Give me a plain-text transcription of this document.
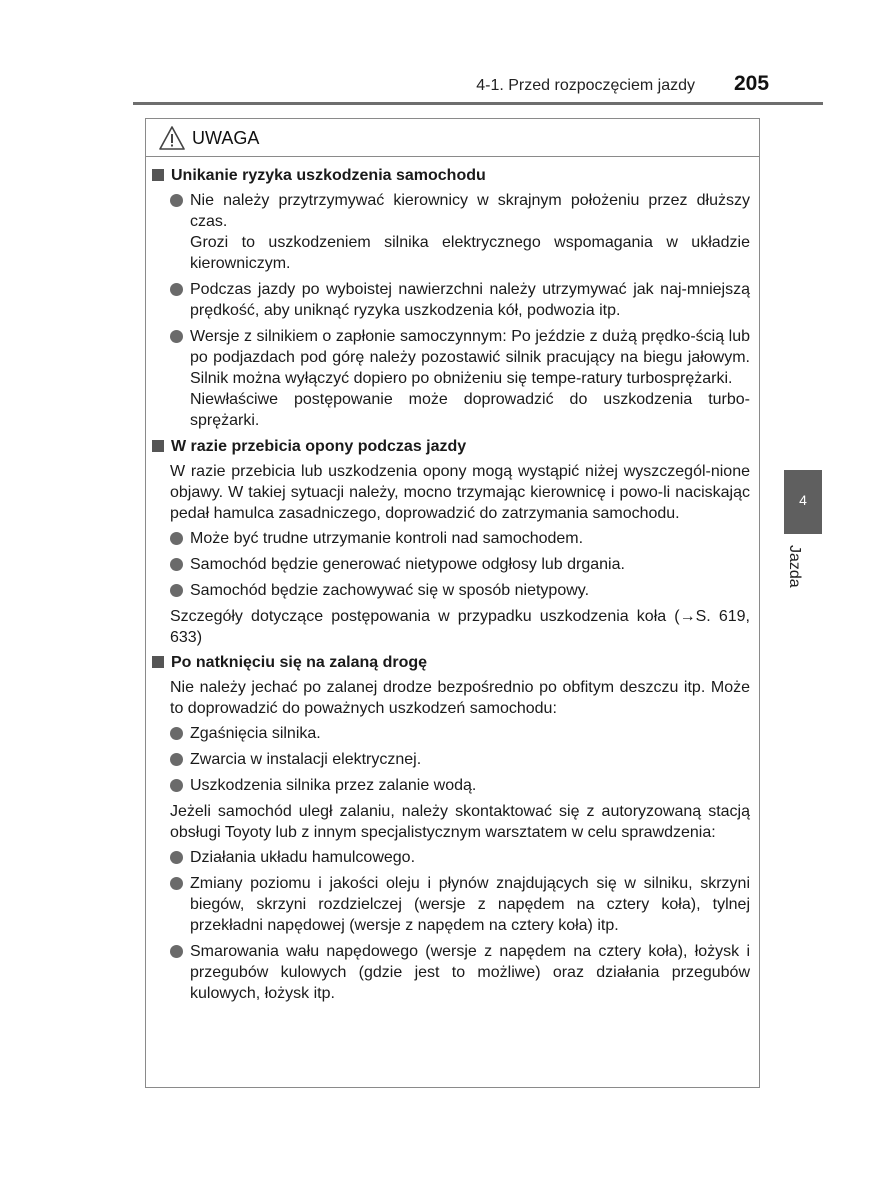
4-1. Przed rozpoczęciem jazdy 205
UWAGA
Unikanie ryzyka uszkodzenia samochodu
Nie należy przytrzymywać kierownicy w skrajnym położeniu przez dłuższy czas.
Grozi to uszkodzeniem silnika elektrycznego wspomagania w układzie kierowniczym.
Podczas jazdy po wyboistej nawierzchni należy utrzymywać jak naj-mniejszą prędkość, aby uniknąć ryzyka uszkodzenia kół, podwozia itp.
Wersje z silnikiem o zapłonie samoczynnym: Po jeździe z dużą prędko-ścią lub po podjazdach pod górę należy pozostawić silnik pracujący na biegu jałowym. Silnik można wyłączyć dopiero po obniżeniu się tempe-ratury turbosprężarki.
Niewłaściwe postępowanie może doprowadzić do uszkodzenia turbo-sprężarki.
W razie przebicia opony podczas jazdy
W razie przebicia lub uszkodzenia opony mogą wystąpić niżej wyszczegól-nione objawy. W takiej sytuacji należy, mocno trzymając kierownicę i powo-li naciskając pedał hamulca zasadniczego, doprowadzić do zatrzymania samochodu.
Może być trudne utrzymanie kontroli nad samochodem.
Samochód będzie generować nietypowe odgłosy lub drgania.
Samochód będzie zachowywać się w sposób nietypowy.
Szczegóły dotyczące postępowania w przypadku uszkodzenia koła (→S. 619, 633)
Po natknięciu się na zalaną drogę
Nie należy jechać po zalanej drodze bezpośrednio po obfitym deszczu itp. Może to doprowadzić do poważnych uszkodzeń samochodu:
Zgaśnięcia silnika.
Zwarcia w instalacji elektrycznej.
Uszkodzenia silnika przez zalanie wodą.
Jeżeli samochód uległ zalaniu, należy skontaktować się z autoryzowaną stacją obsługi Toyoty lub z innym specjalistycznym warsztatem w celu sprawdzenia:
Działania układu hamulcowego.
Zmiany poziomu i jakości oleju i płynów znajdujących się w silniku, skrzyni biegów, skrzyni rozdzielczej (wersje z napędem na cztery koła), tylnej przekładni napędowej (wersje z napędem na cztery koła) itp.
Smarowania wału napędowego (wersje z napędem na cztery koła), łożysk i przegubów kulowych (gdzie jest to możliwe) oraz działania przegubów kulowych, łożysk itp.
4
Jazda
